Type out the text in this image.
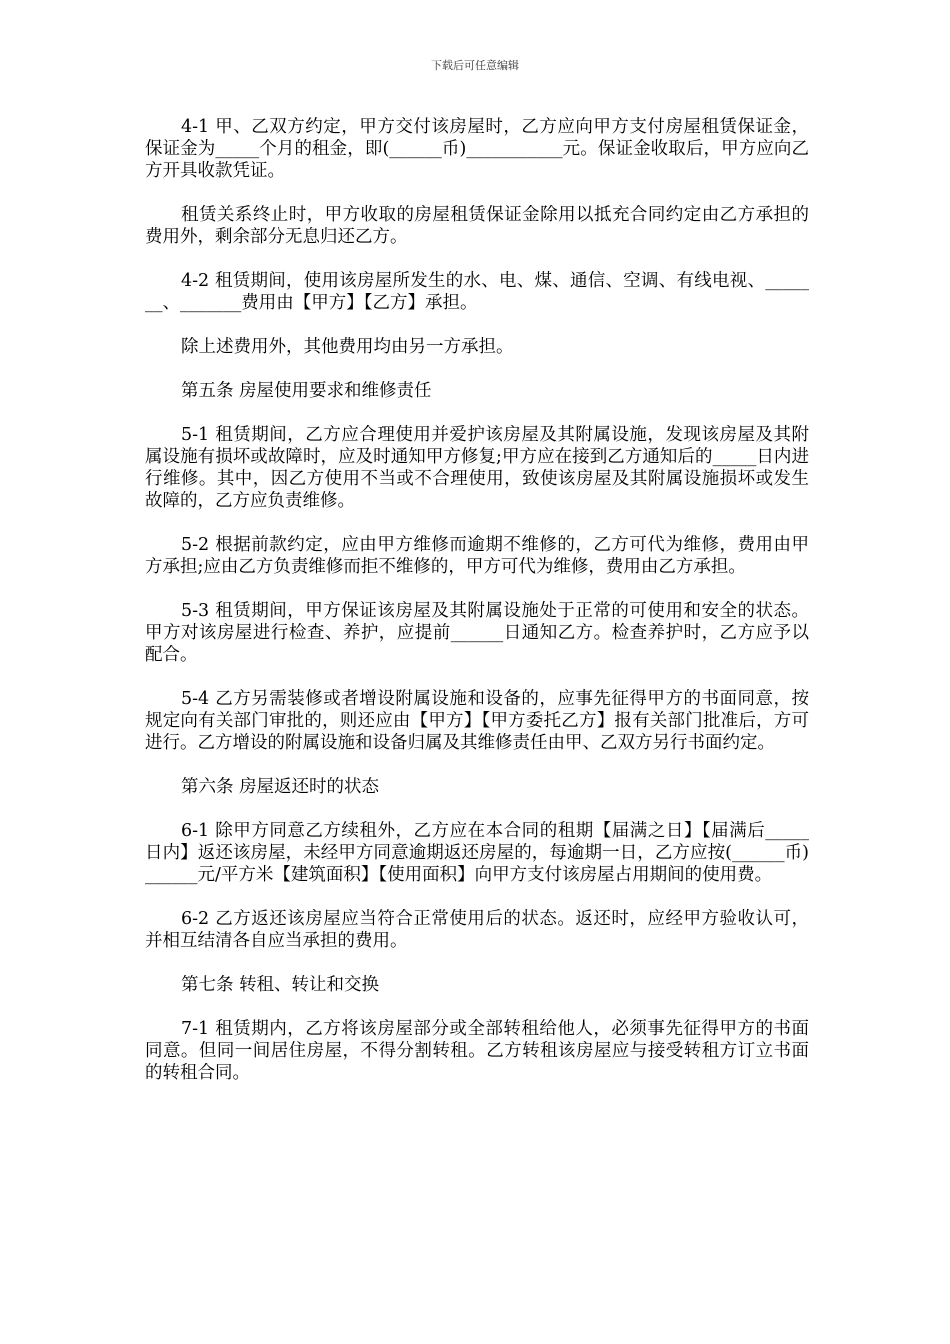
下载后可任意编辑

4-1 甲、乙双方约定，甲方交付该房屋时，乙方应向甲方支付房屋租赁保证金，保证金为_____个月的租金，即(______币)___________元。保证金收取后，甲方应向乙方开具收款凭证。

租赁关系终止时，甲方收取的房屋租赁保证金除用以抵充合同约定由乙方承担的费用外，剩余部分无息归还乙方。

4-2 租赁期间，使用该房屋所发生的水、电、煤、通信、空调、有线电视、_______、_______费用由【甲方】【乙方】承担。

除上述费用外，其他费用均由另一方承担。

第五条 房屋使用要求和维修责任

5-1 租赁期间，乙方应合理使用并爱护该房屋及其附属设施，发现该房屋及其附属设施有损坏或故障时，应及时通知甲方修复;甲方应在接到乙方通知后的_____日内进行维修。其中，因乙方使用不当或不合理使用，致使该房屋及其附属设施损坏或发生故障的，乙方应负责维修。

5-2 根据前款约定，应由甲方维修而逾期不维修的，乙方可代为维修，费用由甲方承担;应由乙方负责维修而拒不维修的，甲方可代为维修，费用由乙方承担。

5-3 租赁期间，甲方保证该房屋及其附属设施处于正常的可使用和安全的状态。甲方对该房屋进行检查、养护，应提前______日通知乙方。检查养护时，乙方应予以配合。

5-4 乙方另需装修或者增设附属设施和设备的，应事先征得甲方的书面同意，按规定向有关部门审批的，则还应由【甲方】【甲方委托乙方】报有关部门批准后，方可进行。乙方增设的附属设施和设备归属及其维修责任由甲、乙双方另行书面约定。

第六条 房屋返还时的状态

6-1 除甲方同意乙方续租外，乙方应在本合同的租期【届满之日】【届满后_____日内】返还该房屋，未经甲方同意逾期返还房屋的，每逾期一日，乙方应按(______币)______元/平方米【建筑面积】【使用面积】向甲方支付该房屋占用期间的使用费。

6-2 乙方返还该房屋应当符合正常使用后的状态。返还时，应经甲方验收认可，并相互结清各自应当承担的费用。

第七条 转租、转让和交换

7-1 租赁期内，乙方将该房屋部分或全部转租给他人，必须事先征得甲方的书面同意。但同一间居住房屋，不得分割转租。乙方转租该房屋应与接受转租方订立书面的转租合同。
